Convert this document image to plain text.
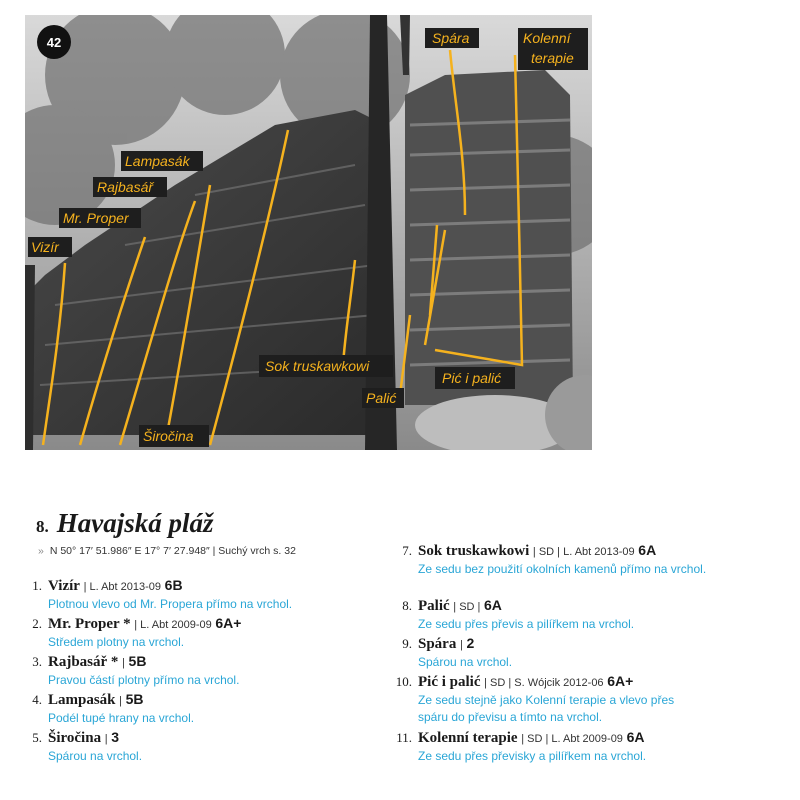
Spára	Kolenní
terapie
Lampasák
Rajbasář
Mr. Proper
Vizír
Sok truskawkowi
Pić i palić
Palić
Širočina
42
8. Havajská pláž
» N 50° 17′ 51.986″ E 17° 7′ 27.948″ | Suchý vrch s. 32
1. Vizír | L. Abt 2013-09 6B
Plotnou vlevo od Mr. Propera přímo na vrchol.
2. Mr. Proper * | L. Abt 2009-09 6A+
Středem plotny na vrchol.
3. Rajbasář * | 5B
Pravou částí plotny přímo na vrchol.
4. Lampasák | 5B
Podél tupé hrany na vrchol.
5. Širočina | 3
Spárou na vrchol.
7. Sok truskawkowi | SD | L. Abt 2013-09 6A
Ze sedu bez použití okolních kamenů přímo na vrchol.
8. Palić | SD | 6A
Ze sedu přes převis a pilířkem na vrchol.
9. Spára | 2
Spárou na vrchol.
10. Pić i palić | SD | S. Wójcik 2012-06 6A+
Ze sedu stejně jako Kolenní terapie a vlevo přes spáru do převisu a tímto na vrchol.
11. Kolenní terapie | SD | L. Abt 2009-09 6A
Ze sedu přes převisky a pilířkem na vrchol.
